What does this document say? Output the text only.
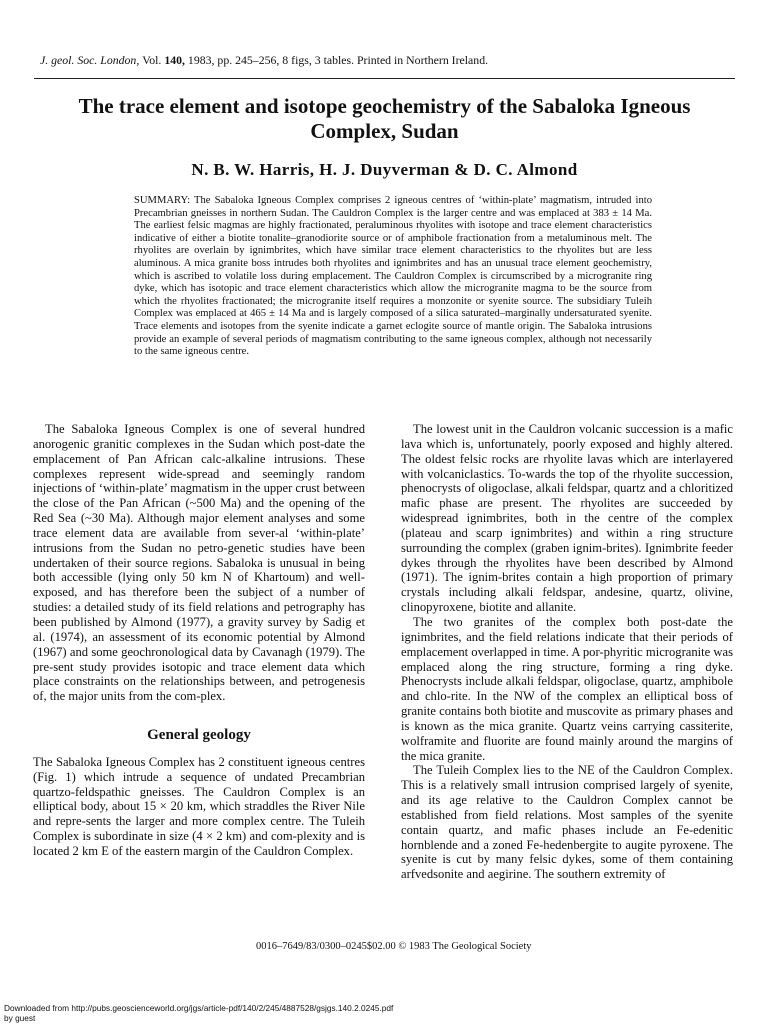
J. geol. Soc. London, Vol. 140, 1983, pp. 245–256, 8 figs, 3 tables. Printed in Northern Ireland.
The trace element and isotope geochemistry of the Sabaloka Igneous Complex, Sudan
N. B. W. Harris, H. J. Duyverman & D. C. Almond

SUMMARY: The Sabaloka Igneous Complex comprises 2 igneous centres of ‘within-plate’ magmatism, intruded into Precambrian gneisses in northern Sudan. The Cauldron Complex is the larger centre and was emplaced at 383 ± 14 Ma. The earliest felsic magmas are highly fractionated, peraluminous rhyolites with isotope and trace element characteristics indicative of either a biotite tonalite–granodiorite source or of amphibole fractionation from a metaluminous melt. The rhyolites are overlain by ignimbrites, which have similar trace element characteristics to the rhyolites but are less aluminous. A mica granite boss intrudes both rhyolites and ignimbrites and has an unusual trace element geochemistry, which is ascribed to volatile loss during emplacement. The Cauldron Complex is circumscribed by a microgranite ring dyke, which has isotopic and trace element characteristics which allow the microgranite magma to be the source from which the rhyolites fractionated; the microgranite itself requires a monzonite or syenite source. The subsidiary Tuleih Complex was emplaced at 465 ± 14 Ma and is largely composed of a silica saturated–marginally undersaturated syenite. Trace elements and isotopes from the syenite indicate a garnet eclogite source of mantle origin. The Sabaloka intrusions provide an example of several periods of magmatism contributing to the same igneous complex, although not necessarily to the same igneous centre.

The Sabaloka Igneous Complex is one of several hundred anorogenic granitic complexes in the Sudan which post-date the emplacement of Pan African calc-alkaline intrusions. These complexes represent wide-spread and seemingly random injections of ‘within-plate’ magmatism in the upper crust between the close of the Pan African (~500 Ma) and the opening of the Red Sea (~30 Ma). Although major element analyses and some trace element data are available from sever-al ‘within-plate’ intrusions from the Sudan no petro-genetic studies have been undertaken of their source regions. Sabaloka is unusual in being both accessible (lying only 50 km N of Khartoum) and well-exposed, and has therefore been the subject of a number of studies: a detailed study of its field relations and petrography has been published by Almond (1977), a gravity survey by Sadig et al. (1974), an assessment of its economic potential by Almond (1967) and some geochronological data by Cavanagh (1979). The pre-sent study provides isotopic and trace element data which place constraints on the relationships between, and petrogenesis of, the major units from the com-plex.

General geology

The Sabaloka Igneous Complex has 2 constituent igneous centres (Fig. 1) which intrude a sequence of undated Precambrian quartzo-feldspathic gneisses. The Cauldron Complex is an elliptical body, about 15 × 20 km, which straddles the River Nile and repre-sents the larger and more complex centre. The Tuleih Complex is subordinate in size (4 × 2 km) and com-plexity and is located 2 km E of the eastern margin of the Cauldron Complex.

The lowest unit in the Cauldron volcanic succession is a mafic lava which is, unfortunately, poorly exposed and highly altered. The oldest felsic rocks are rhyolite lavas which are interlayered with volcaniclastics. To-wards the top of the rhyolite succession, phenocrysts of oligoclase, alkali feldspar, quartz and a chloritized mafic phase are present. The rhyolites are succeeded by widespread ignimbrites, both in the centre of the complex (plateau and scarp ignimbrites) and within a ring structure surrounding the complex (graben ignim-brites). Ignimbrite feeder dykes through the rhyolites have been described by Almond (1971). The ignim-brites contain a high proportion of primary crystals including alkali feldspar, andesine, quartz, olivine, clinopyroxene, biotite and allanite.

The two granites of the complex both post-date the ignimbrites, and the field relations indicate that their periods of emplacement overlapped in time. A por-phyritic microgranite was emplaced along the ring structure, forming a ring dyke. Phenocrysts include alkali feldspar, oligoclase, quartz, amphibole and chlo-rite. In the NW of the complex an elliptical boss of granite contains both biotite and muscovite as primary phases and is known as the mica granite. Quartz veins carrying cassiterite, wolframite and fluorite are found mainly around the margins of the mica granite.

The Tuleih Complex lies to the NE of the Cauldron Complex. This is a relatively small intrusion comprised largely of syenite, and its age relative to the Cauldron Complex cannot be established from field relations. Most samples of the syenite contain quartz, and mafic phases include an Fe-edenitic hornblende and a zoned Fe-hedenbergite to augite pyroxene. The syenite is cut by many felsic dykes, some of them containing arfvedsonite and aegirine. The southern extremity of

0016–7649/83/0300–0245$02.00 © 1983 The Geological Society
Downloaded from http://pubs.geoscienceworld.org/jgs/article-pdf/140/2/245/4887528/gsjgs.140.2.0245.pdf
by guest
